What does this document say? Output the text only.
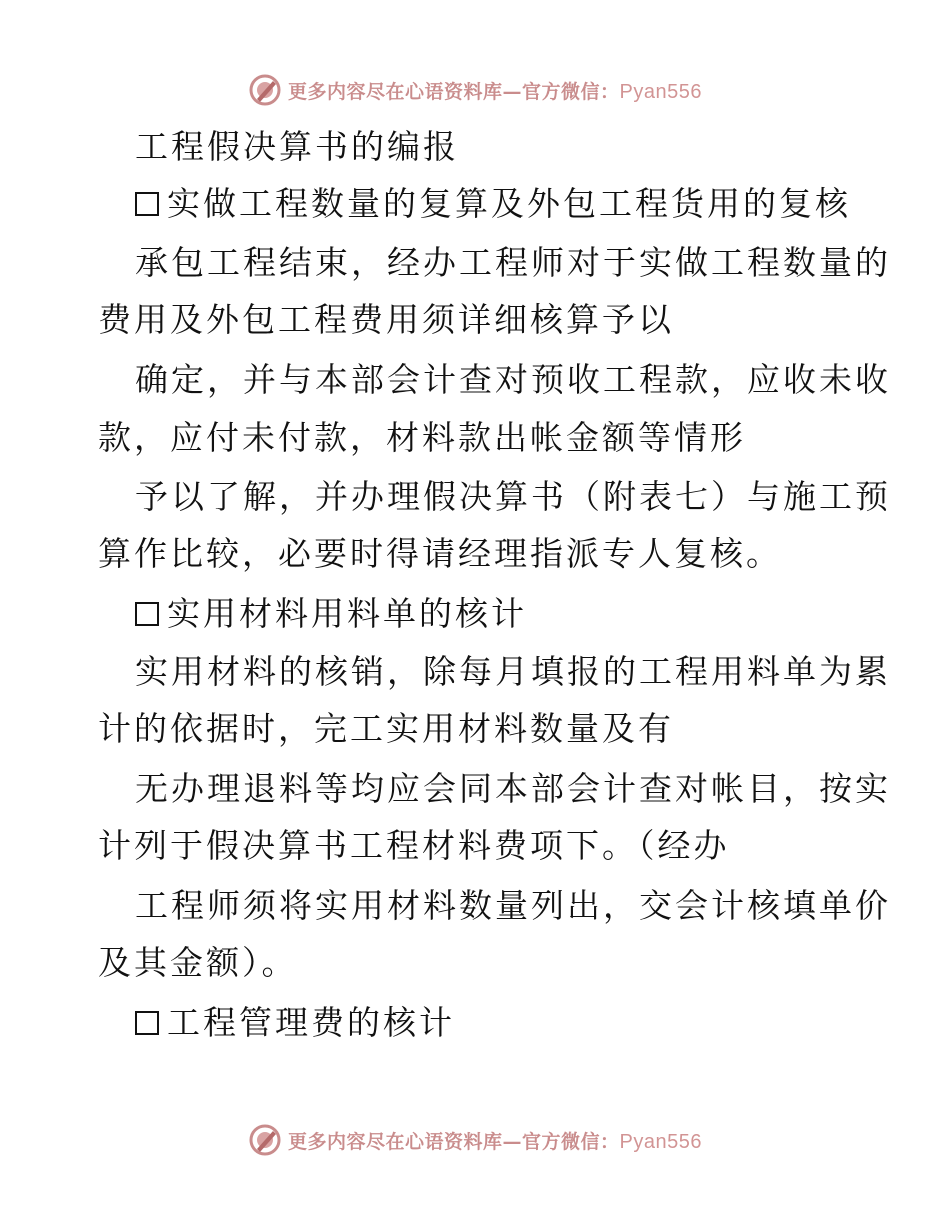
更多内容尽在心语资料库—官方微信：Pyan556
工程假决算书的编报
实做工程数量的复算及外包工程货用的复核
承包工程结束，经办工程师对于实做工程数量的
费用及外包工程费用须详细核算予以
确定，并与本部会计查对预收工程款，应收未收
款，应付未付款，材料款出帐金额等情形
予以了解，并办理假决算书（附表七）与施工预
算作比较，必要时得请经理指派专人复核。
实用材料用料单的核计
实用材料的核销，除每月填报的工程用料单为累
计的依据时，完工实用材料数量及有
无办理退料等均应会同本部会计查对帐目，按实
计列于假决算书工程材料费项下。（经办
工程师须将实用材料数量列出，交会计核填单价
及其金额）。
工程管理费的核计
更多内容尽在心语资料库—官方微信：Pyan556
